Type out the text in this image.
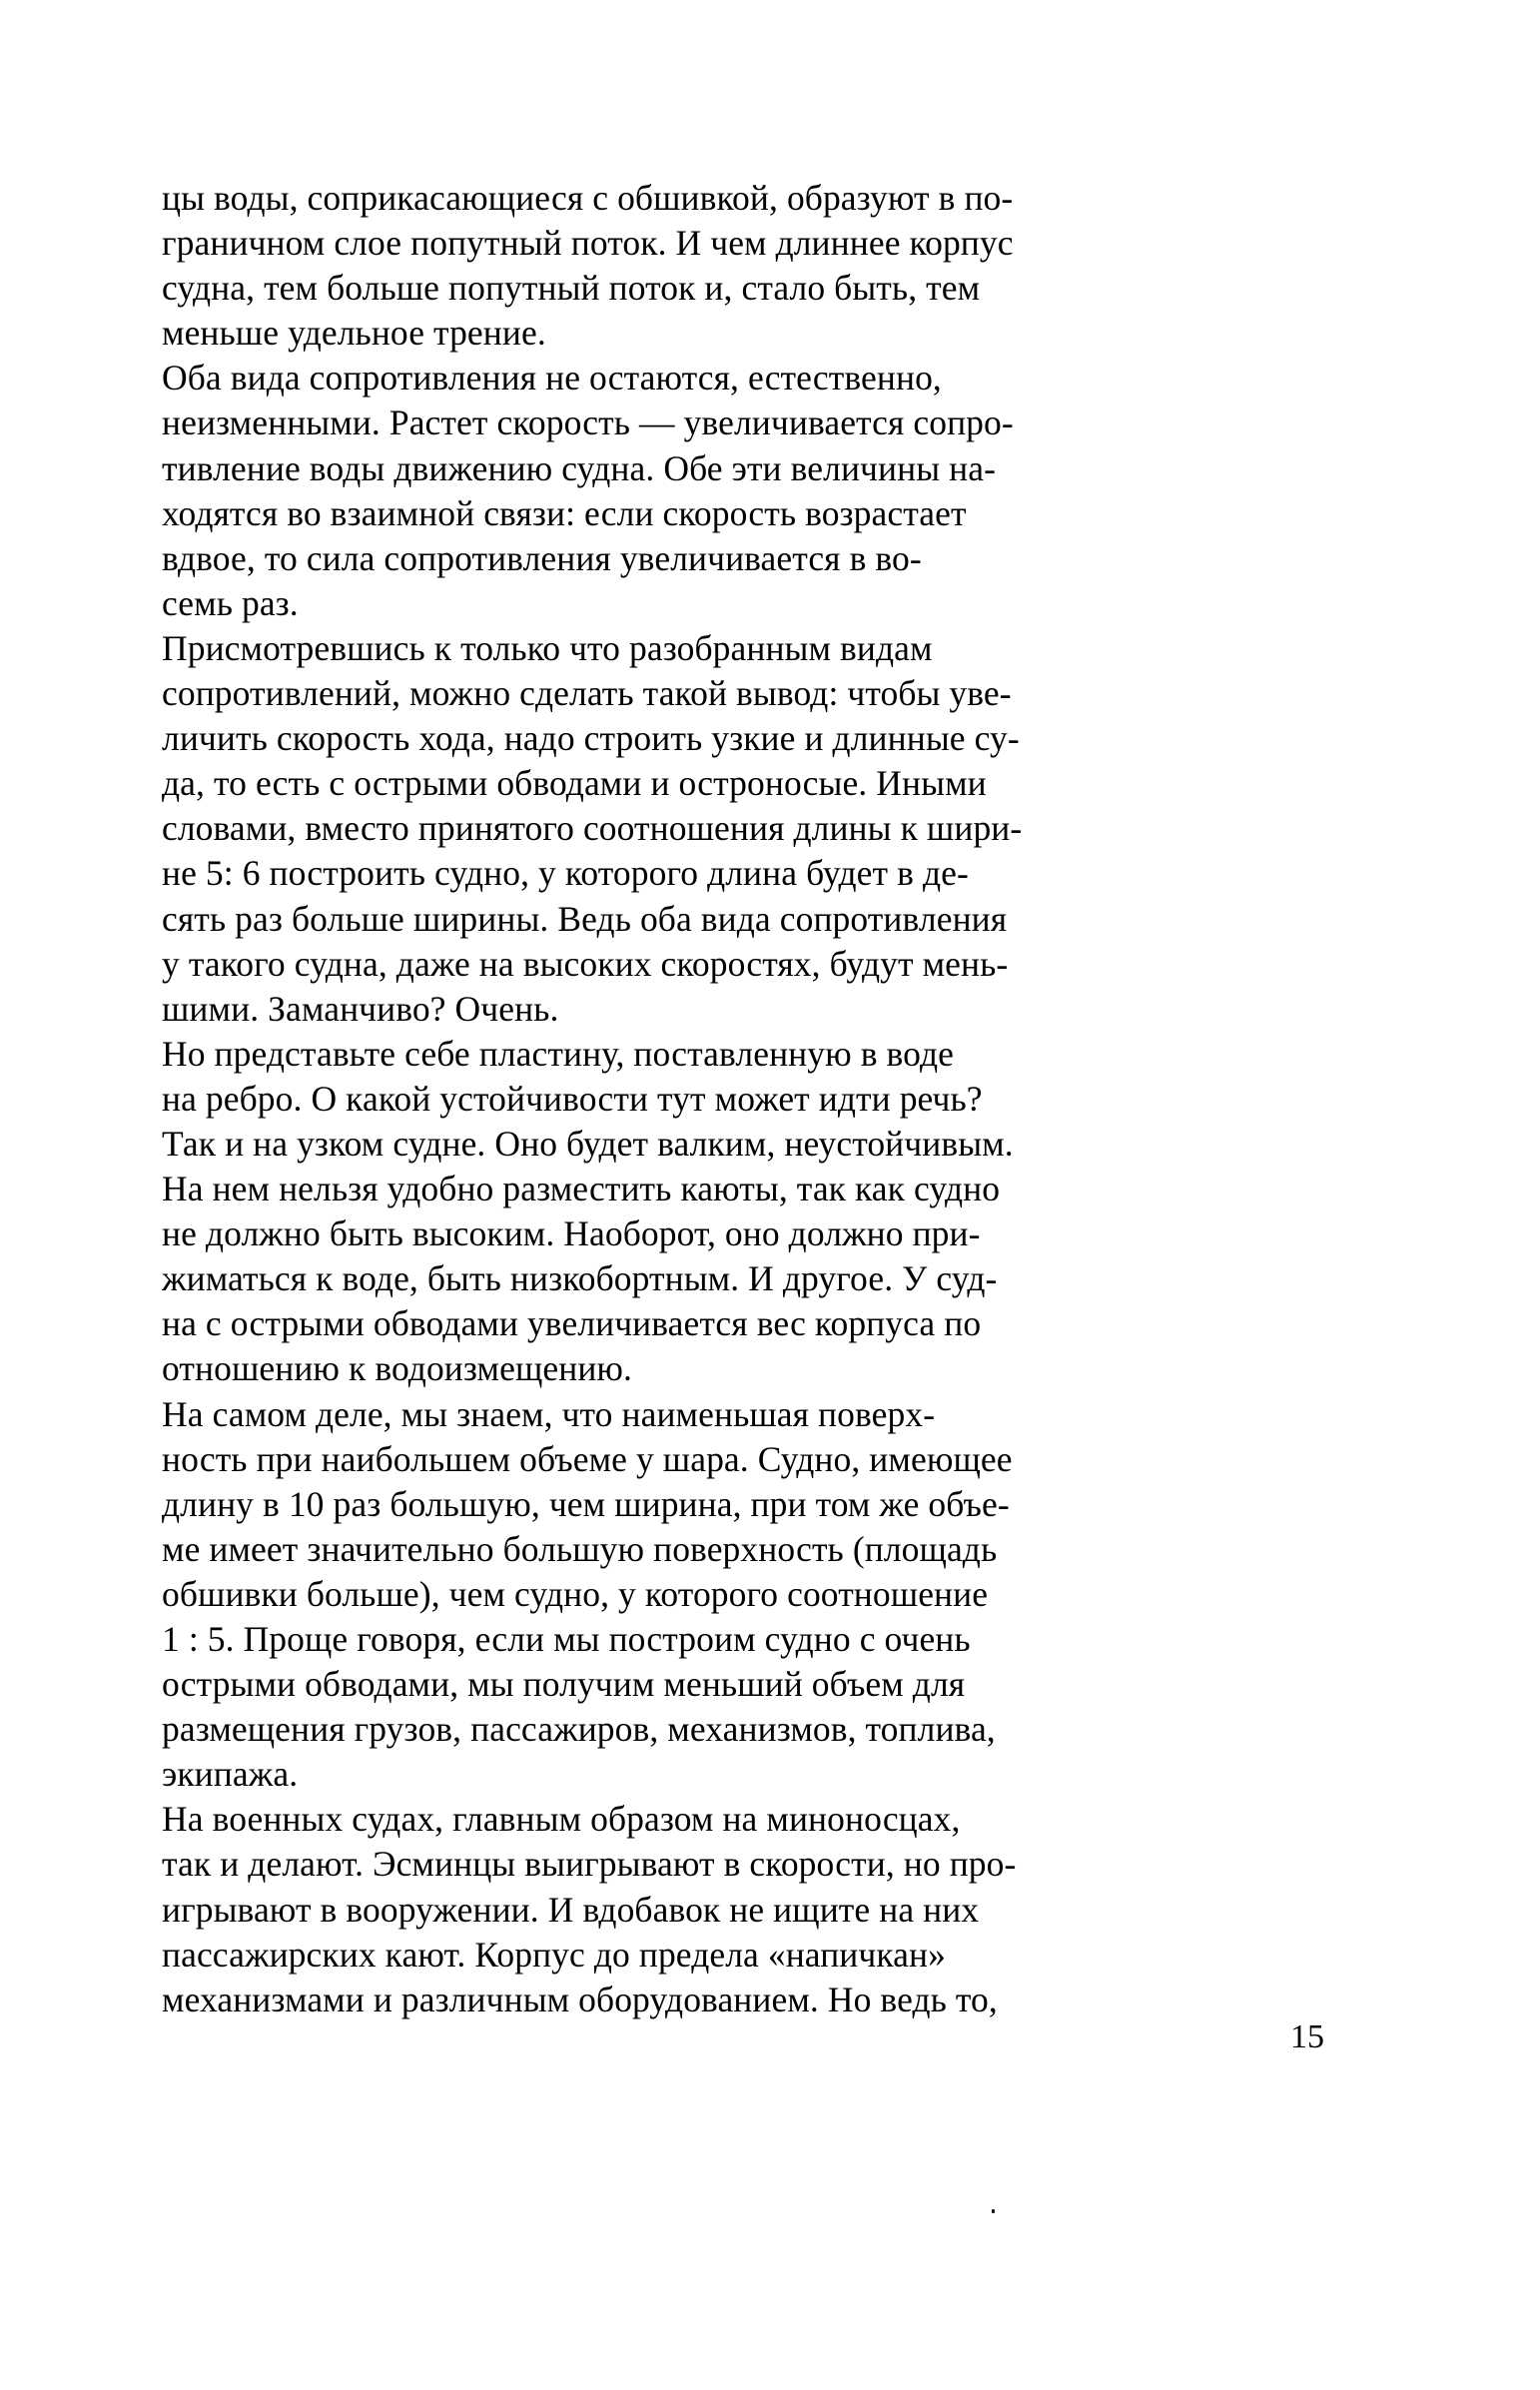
цы воды, соприкасающиеся с обшивкой, образуют в по-
граничном слое попутный поток. И чем длиннее корпус
судна, тем больше попутный поток и, стало быть, тем
меньше удельное трение.

Оба вида сопротивления не остаются, естественно,
неизменными. Растет скорость — увеличивается сопро-
тивление воды движению судна. Обе эти величины на-
ходятся во взаимной связи: если скорость возрастает
вдвое, то сила сопротивления увеличивается в во-
семь раз.

Присмотревшись к только что разобранным видам
сопротивлений, можно сделать такой вывод: чтобы уве-
личить скорость хода, надо строить узкие и длинные су-
да, то есть с острыми обводами и остроносые. Иными
словами, вместо принятого соотношения длины к шири-
не 5: 6 построить судно, у которого длина будет в де-
сять раз больше ширины. Ведь оба вида сопротивления
у такого судна, даже на высоких скоростях, будут мень-
шими. Заманчиво? Очень.

Но представьте себе пластину, поставленную в воде
на ребро. О какой устойчивости тут может идти речь?
Так и на узком судне. Оно будет валким, неустойчивым.
На нем нельзя удобно разместить каюты, так как судно
не должно быть высоким. Наоборот, оно должно при-
жиматься к воде, быть низкобортным. И другое. У суд-
на с острыми обводами увеличивается вес корпуса по
отношению к водоизмещению.

На самом деле, мы знаем, что наименьшая поверх-
ность при наибольшем объеме у шара. Судно, имеющее
длину в 10 раз большую, чем ширина, при том же объе-
ме имеет значительно большую поверхность (площадь
обшивки больше), чем судно, у которого соотношение
1 : 5. Проще говоря, если мы построим судно с очень
острыми обводами, мы получим меньший объем для
размещения грузов, пассажиров, механизмов, топлива,
экипажа.

На военных судах, главным образом на миноносцах,
так и делают. Эсминцы выигрывают в скорости, но про-
игрывают в вооружении. И вдобавок не ищите на них
пассажирских кают. Корпус до предела «напичкан»
механизмами и различным оборудованием. Но ведь то,

15
